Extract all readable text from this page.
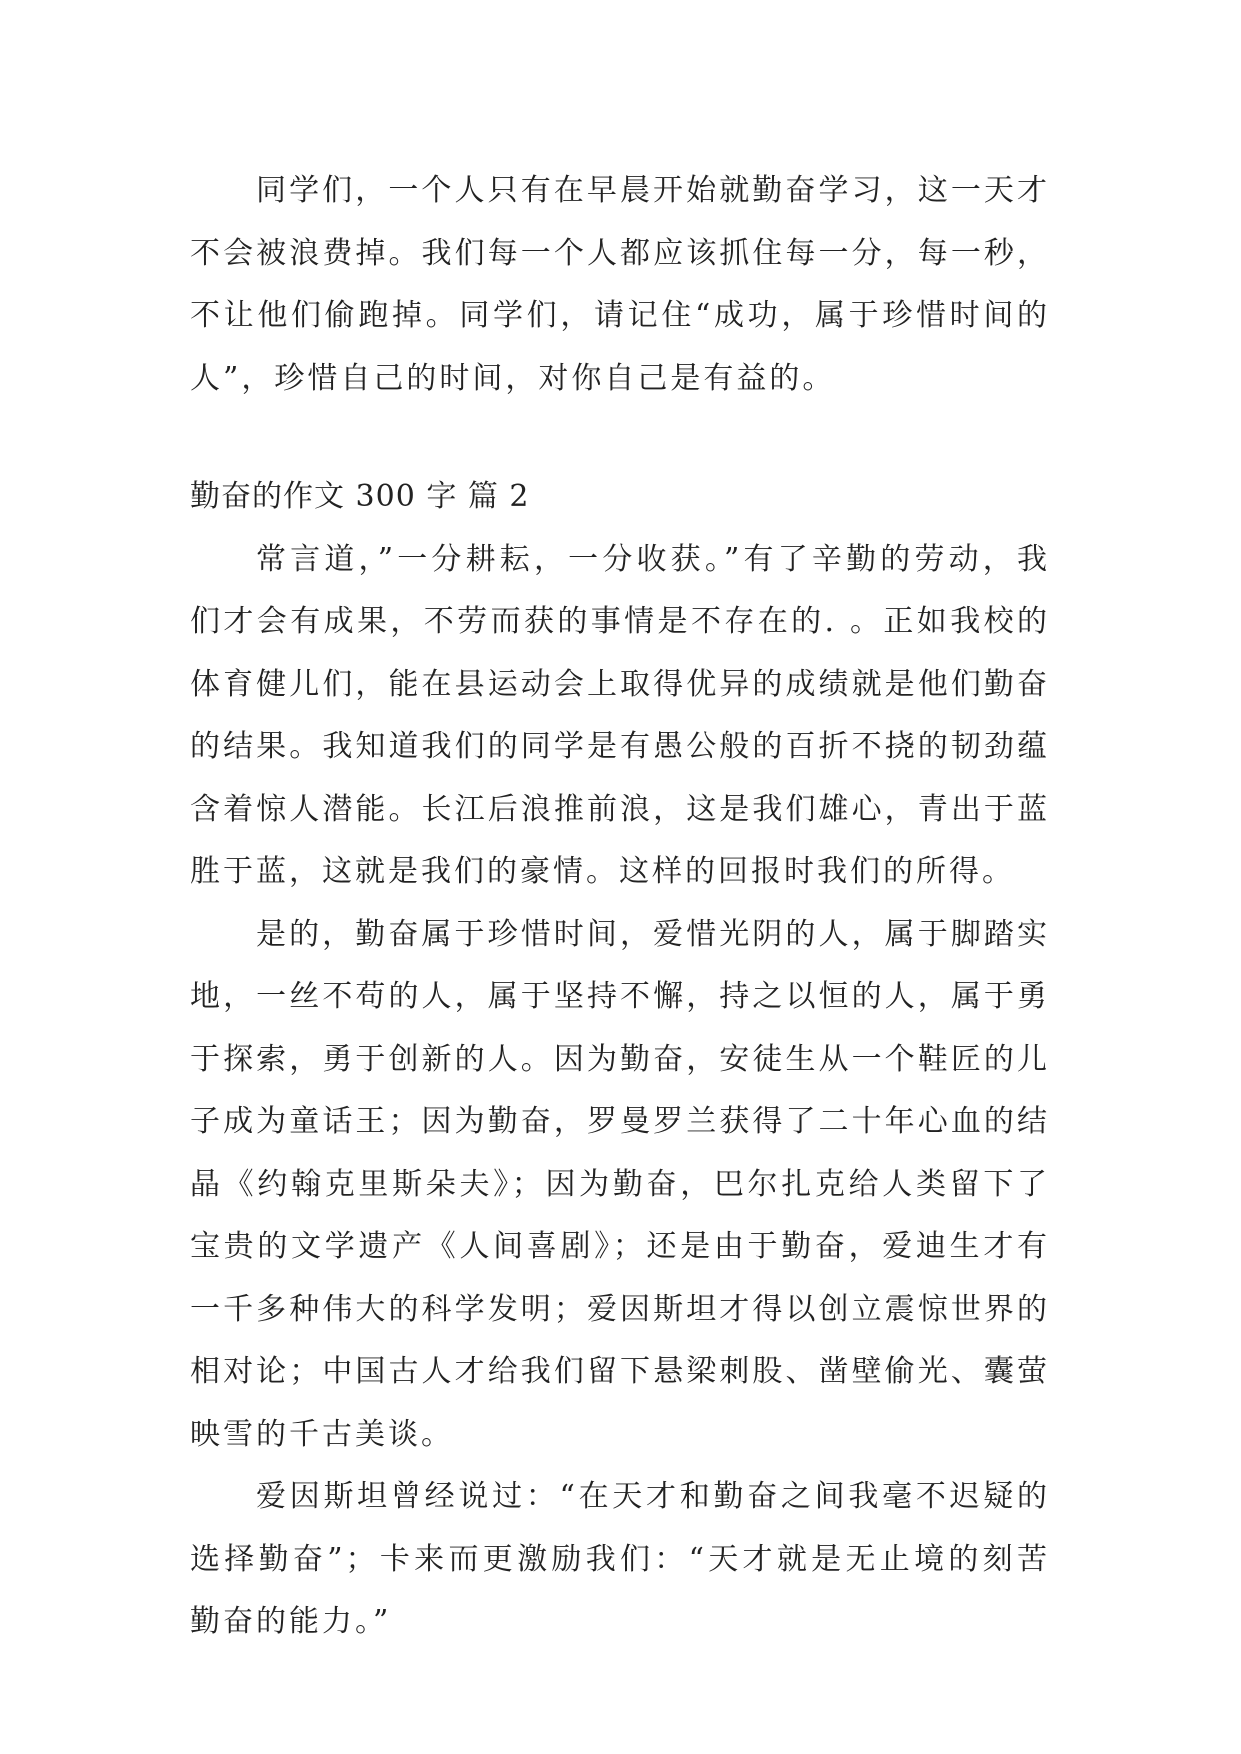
同学们，一个人只有在早晨开始就勤奋学习，这一天才不会被浪费掉。我们每一个人都应该抓住每一分，每一秒，不让他们偷跑掉。同学们，请记住“成功，属于珍惜时间的人”，珍惜自己的时间，对你自己是有益的。

勤奋的作文 300 字 篇 2

常言道，”一分耕耘，一分收获。”有了辛勤的劳动，我们才会有成果，不劳而获的事情是不存在的. 。正如我校的体育健儿们，能在县运动会上取得优异的成绩就是他们勤奋的结果。我知道我们的同学是有愚公般的百折不挠的韧劲蕴含着惊人潜能。长江后浪推前浪，这是我们雄心，青出于蓝胜于蓝，这就是我们的豪情。这样的回报时我们的所得。

是的，勤奋属于珍惜时间，爱惜光阴的人，属于脚踏实地，一丝不苟的人，属于坚持不懈，持之以恒的人，属于勇于探索，勇于创新的人。因为勤奋，安徒生从一个鞋匠的儿子成为童话王；因为勤奋，罗曼罗兰获得了二十年心血的结晶《约翰克里斯朵夫》；因为勤奋，巴尔扎克给人类留下了宝贵的文学遗产《人间喜剧》；还是由于勤奋，爱迪生才有一千多种伟大的科学发明；爱因斯坦才得以创立震惊世界的相对论；中国古人才给我们留下悬梁刺股、凿壁偷光、囊萤映雪的千古美谈。

爱因斯坦曾经说过：“在天才和勤奋之间我毫不迟疑的选择勤奋”；卡来而更激励我们：“天才就是无止境的刻苦勤奋的能力。”
